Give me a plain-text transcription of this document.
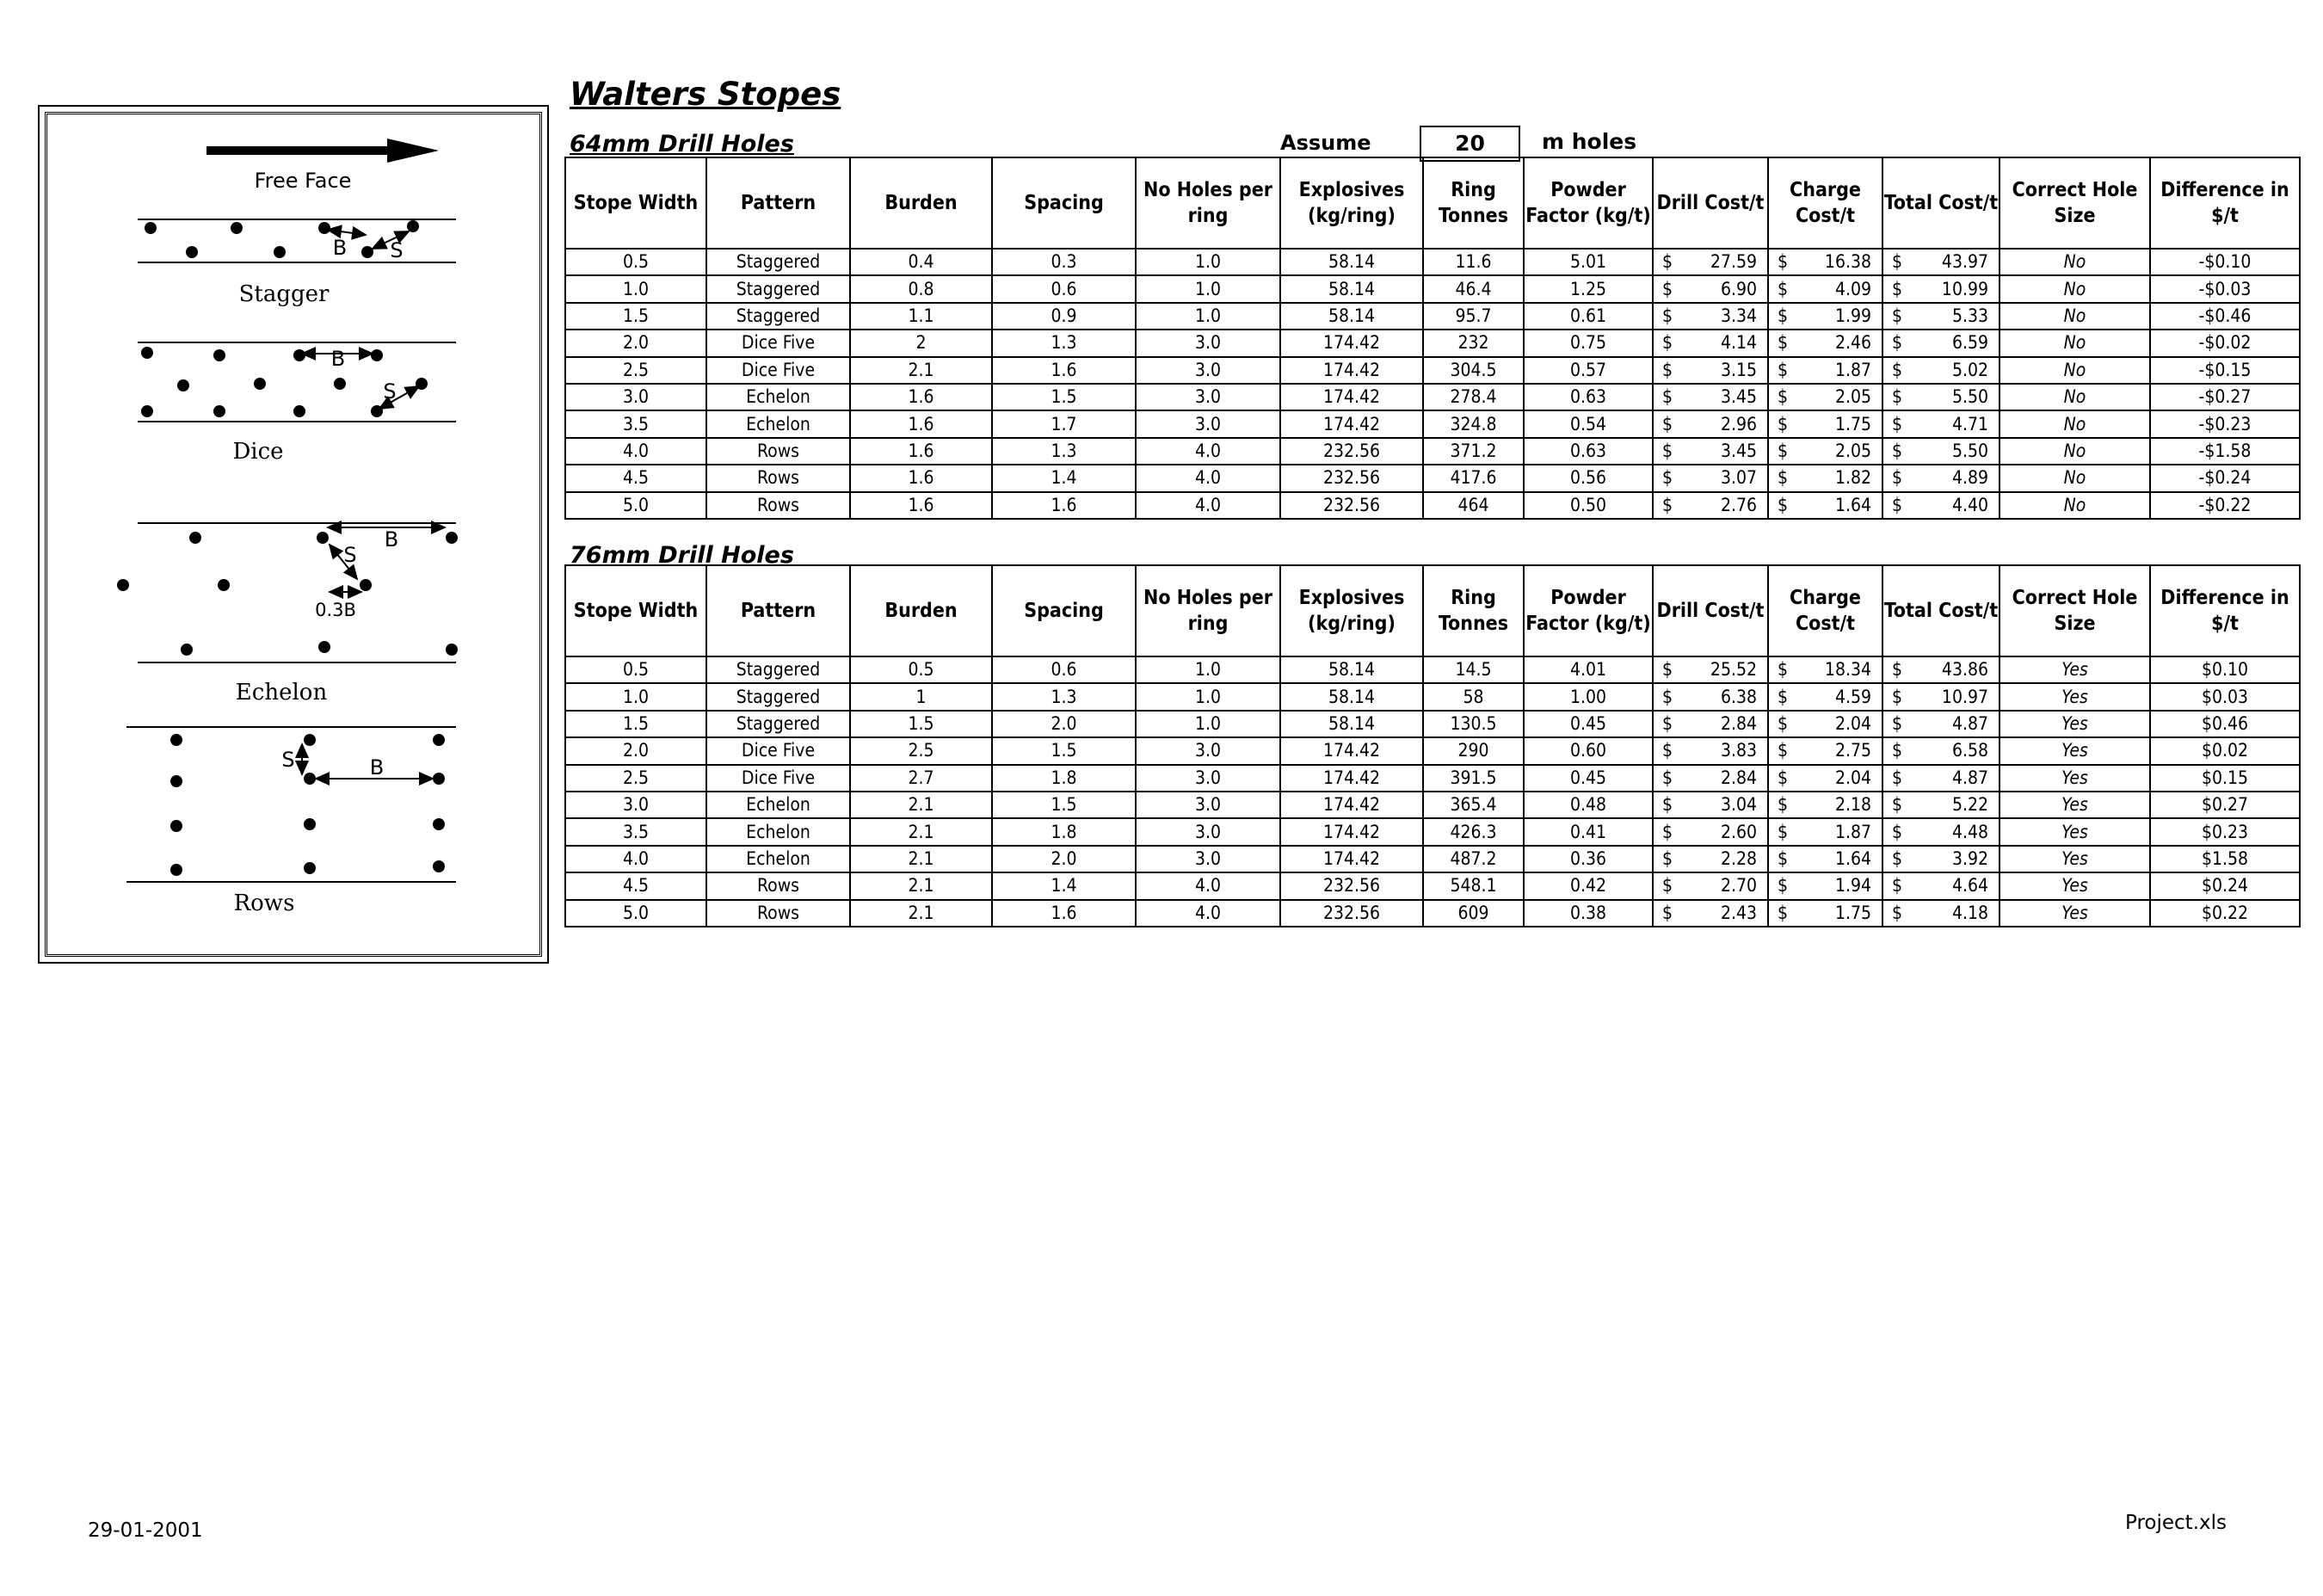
Free Face
B S
Stagger
B
S
Dice
B
S
0.3B
Echelon
S	B
Rows
Walters Stopes
64mm Drill Holes	Assume	20	m holes
Stope Width	Pattern	Burden	Spacing	No Holes per ring	Explosives (kg/ring)	Ring Tonnes	Powder Factor (kg/t)	Drill Cost/t	Charge Cost/t	Total Cost/t	Correct Hole Size	Difference in $/t
0.5	Staggered	0.4	0.3	1.0	58.14	11.6	5.01	$ 27.59	$ 16.38	$ 43.97	No	-$0.10
1.0	Staggered	0.8	0.6	1.0	58.14	46.4	1.25	$ 6.90	$ 4.09	$ 10.99	No	-$0.03
1.5	Staggered	1.1	0.9	1.0	58.14	95.7	0.61	$ 3.34	$ 1.99	$ 5.33	No	-$0.46
2.0	Dice Five	2	1.3	3.0	174.42	232	0.75	$ 4.14	$ 2.46	$ 6.59	No	-$0.02
2.5	Dice Five	2.1	1.6	3.0	174.42	304.5	0.57	$ 3.15	$ 1.87	$ 5.02	No	-$0.15
3.0	Echelon	1.6	1.5	3.0	174.42	278.4	0.63	$ 3.45	$ 2.05	$ 5.50	No	-$0.27
3.5	Echelon	1.6	1.7	3.0	174.42	324.8	0.54	$ 2.96	$ 1.75	$ 4.71	No	-$0.23
4.0	Rows	1.6	1.3	4.0	232.56	371.2	0.63	$ 3.45	$ 2.05	$ 5.50	No	-$1.58
4.5	Rows	1.6	1.4	4.0	232.56	417.6	0.56	$ 3.07	$ 1.82	$ 4.89	No	-$0.24
5.0	Rows	1.6	1.6	4.0	232.56	464	0.50	$ 2.76	$ 1.64	$ 4.40	No	-$0.22
76mm Drill Holes
Stope Width	Pattern	Burden	Spacing	No Holes per ring	Explosives (kg/ring)	Ring Tonnes	Powder Factor (kg/t)	Drill Cost/t	Charge Cost/t	Total Cost/t	Correct Hole Size	Difference in $/t
0.5	Staggered	0.5	0.6	1.0	58.14	14.5	4.01	$ 25.52	$ 18.34	$ 43.86	Yes	$0.10
1.0	Staggered	1	1.3	1.0	58.14	58	1.00	$ 6.38	$ 4.59	$ 10.97	Yes	$0.03
1.5	Staggered	1.5	2.0	1.0	58.14	130.5	0.45	$ 2.84	$ 2.04	$ 4.87	Yes	$0.46
2.0	Dice Five	2.5	1.5	3.0	174.42	290	0.60	$ 3.83	$ 2.75	$ 6.58	Yes	$0.02
2.5	Dice Five	2.7	1.8	3.0	174.42	391.5	0.45	$ 2.84	$ 2.04	$ 4.87	Yes	$0.15
3.0	Echelon	2.1	1.5	3.0	174.42	365.4	0.48	$ 3.04	$ 2.18	$ 5.22	Yes	$0.27
3.5	Echelon	2.1	1.8	3.0	174.42	426.3	0.41	$ 2.60	$ 1.87	$ 4.48	Yes	$0.23
4.0	Echelon	2.1	2.0	3.0	174.42	487.2	0.36	$ 2.28	$ 1.64	$ 3.92	Yes	$1.58
4.5	Rows	2.1	1.4	4.0	232.56	548.1	0.42	$ 2.70	$ 1.94	$ 4.64	Yes	$0.24
5.0	Rows	2.1	1.6	4.0	232.56	609	0.38	$ 2.43	$ 1.75	$ 4.18	Yes	$0.22
29-01-2001	Project.xls
